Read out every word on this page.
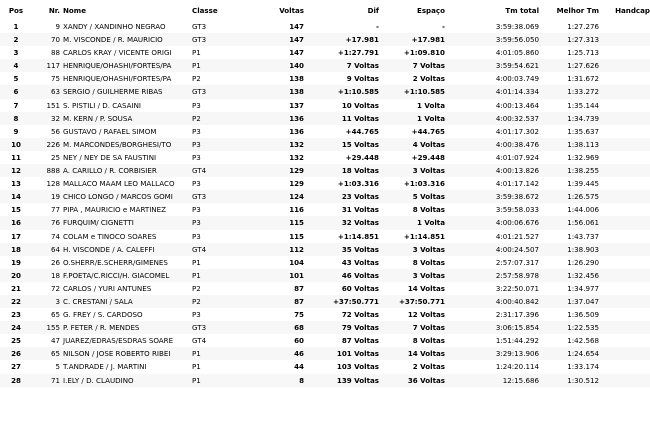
Pos	Nr.	Nome	Classe	Voltas	Dif	Espaço	Tm total	Melhor Tm	Handcap
1	9	XANDY / XANDINHO NEGRAO	GT3	147	-	-	3:59:38.069	1:27.276	
2	70	M. VISCONDE / R. MAURICIO	GT3	147	+17.981	+17.981	3:59:56.050	1:27.313	
3	88	CARLOS KRAY / VICENTE ORIGI	P1	147	+1:27.791	+1:09.810	4:01:05.860	1:25.713	
4	117	HENRIQUE/OHASHI/FORTES/PA	P1	140	7 Voltas	7 Voltas	3:59:54.621	1:27.626	
5	75	HENRIQUE/OHASHI/FORTES/PA	P2	138	9 Voltas	2 Voltas	4:00:03.749	1:31.672	
6	63	SERGIO / GUILHERME RIBAS	GT3	138	+1:10.585	+1:10.585	4:01:14.334	1:33.272	
7	151	S. PISTILI / D. CASAINI	P3	137	10 Voltas	1 Volta	4:00:13.464	1:35.144	
8	32	M. KERN / P. SOUSA	P2	136	11 Voltas	1 Volta	4:00:32.537	1:34.739	
9	56	GUSTAVO / RAFAEL SIMOM	P3	136	+44.765	+44.765	4:01:17.302	1:35.637	
10	226	M. MARCONDES/BORGHESI/TO	P3	132	15 Voltas	4 Voltas	4:00:38.476	1:38.113	
11	25	NEY / NEY DE SA FAUSTINI	P3	132	+29.448	+29.448	4:01:07.924	1:32.969	
12	888	A. CARILLO / R. CORBISIER	GT4	129	18 Voltas	3 Voltas	4:00:13.826	1:38.255	
13	128	MALLACO MAAM LEO MALLACO	P3	129	+1:03.316	+1:03.316	4:01:17.142	1:39.445	
14	19	CHICO LONGO / MARCOS GOMI	GT3	124	23 Voltas	5 Voltas	3:59:38.672	1:26.575	
15	77	PIPA , MAURICIO e MARTINEZ	P3	116	31 Voltas	8 Voltas	3:59:58.033	1:44.006	
16	76	FURQUIM/ CIGNETTI	P3	115	32 Voltas	1 Volta	4:00:06.676	1:56.061	
17	74	COLAM e TINOCO SOARES	P3	115	+1:14.851	+1:14.851	4:01:21.527	1:43.737	
18	64	H. VISCONDE / A. CALEFFI	GT4	112	35 Voltas	3 Voltas	4:00:24.507	1:38.903	
19	26	O.SHERR/E.SCHERR/GIMENES	P1	104	43 Voltas	8 Voltas	2:57:07.317	1:26.290	
20	18	F.POETA/C.RICCI/H. GIACOMEL	P1	101	46 Voltas	3 Voltas	2:57:58.978	1:32.456	
21	72	CARLOS / YURI ANTUNES	P2	87	60 Voltas	14 Voltas	3:22:50.071	1:34.977	
22	3	C. CRESTANI / SALA	P2	87	+37:50.771	+37:50.771	4:00:40.842	1:37.047	
23	65	G. FREY / S. CARDOSO	P3	75	72 Voltas	12 Voltas	2:31:17.396	1:36.509	
24	155	P. FETER / R. MENDES	GT3	68	79 Voltas	7 Voltas	3:06:15.854	1:22.535	
25	47	JUAREZ/EDRAS/ESDRAS SOARE	GT4	60	87 Voltas	8 Voltas	1:51:44.292	1:42.568	
26	65	NILSON / JOSE ROBERTO RIBEI	P1	46	101 Voltas	14 Voltas	3:29:13.906	1:24.654	
27	5	T.ANDRADE / J. MARTINI	P1	44	103 Voltas	2 Voltas	1:24:20.114	1:33.174	
28	71	I.ELY / D. CLAUDINO	P1	8	139 Voltas	36 Voltas	12:15.686	1:30.512	
